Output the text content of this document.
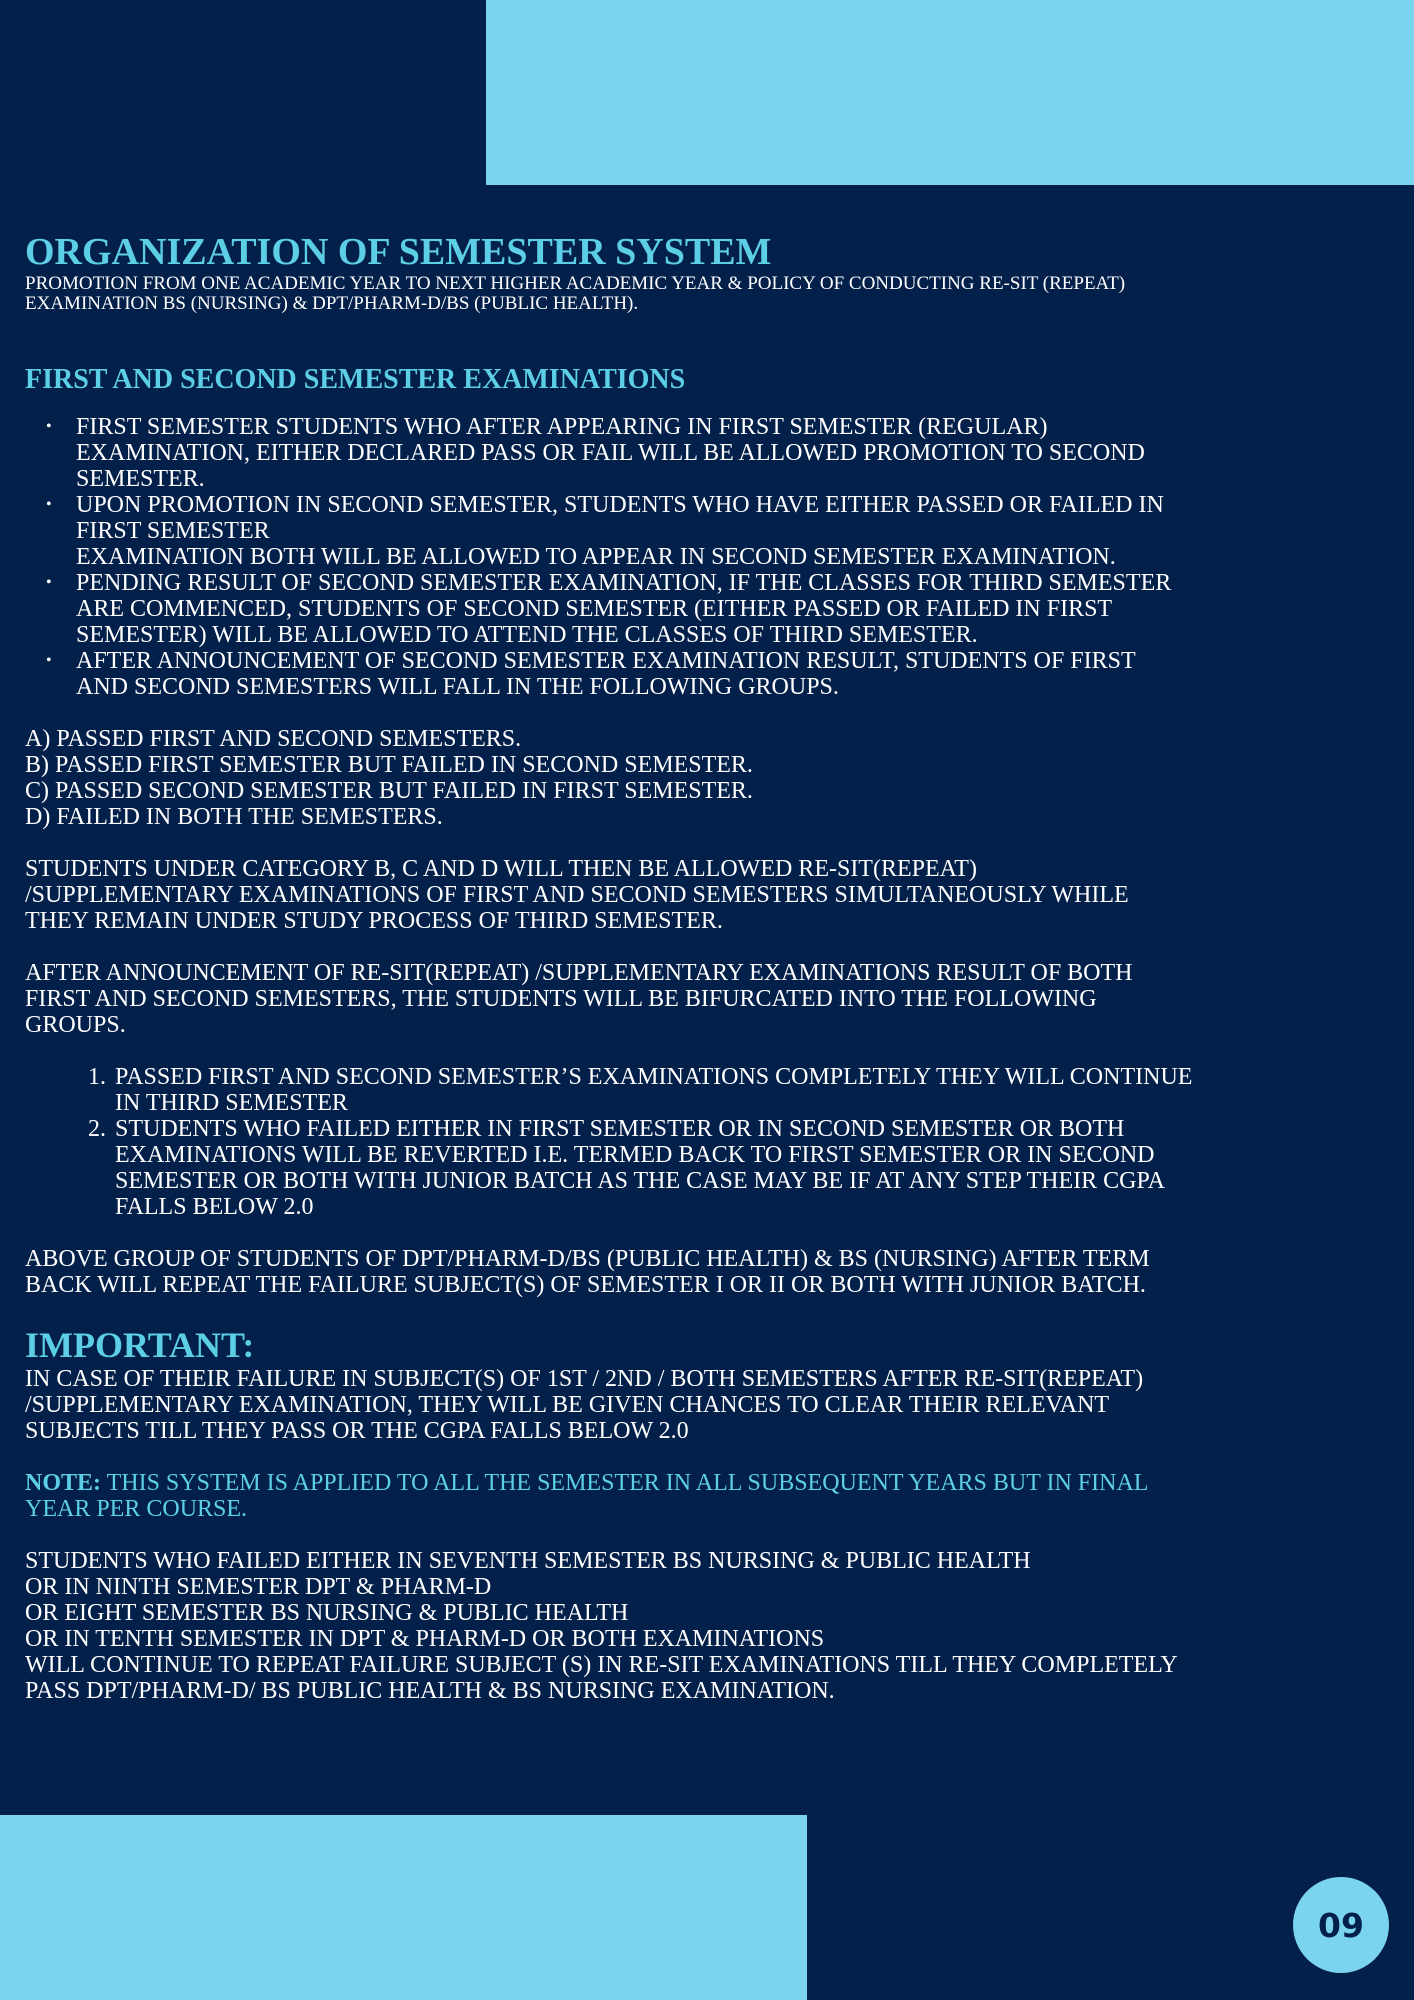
ORGANIZATION OF SEMESTER SYSTEM
PROMOTION FROM ONE ACADEMIC YEAR TO NEXT HIGHER ACADEMIC YEAR & POLICY OF CONDUCTING RE-SIT (REPEAT)
EXAMINATION BS (NURSING) & DPT/PHARM-D/BS (PUBLIC HEALTH).
FIRST AND SECOND SEMESTER EXAMINATIONS
• FIRST SEMESTER STUDENTS WHO AFTER APPEARING IN FIRST SEMESTER (REGULAR)
EXAMINATION, EITHER DECLARED PASS OR FAIL WILL BE ALLOWED PROMOTION TO SECOND
SEMESTER.
• UPON PROMOTION IN SECOND SEMESTER, STUDENTS WHO HAVE EITHER PASSED OR FAILED IN
FIRST SEMESTER
EXAMINATION BOTH WILL BE ALLOWED TO APPEAR IN SECOND SEMESTER EXAMINATION.
• PENDING RESULT OF SECOND SEMESTER EXAMINATION, IF THE CLASSES FOR THIRD SEMESTER
ARE COMMENCED, STUDENTS OF SECOND SEMESTER (EITHER PASSED OR FAILED IN FIRST
SEMESTER) WILL BE ALLOWED TO ATTEND THE CLASSES OF THIRD SEMESTER.
• AFTER ANNOUNCEMENT OF SECOND SEMESTER EXAMINATION RESULT, STUDENTS OF FIRST
AND SECOND SEMESTERS WILL FALL IN THE FOLLOWING GROUPS.
A) PASSED FIRST AND SECOND SEMESTERS.
B) PASSED FIRST SEMESTER BUT FAILED IN SECOND SEMESTER.
C) PASSED SECOND SEMESTER BUT FAILED IN FIRST SEMESTER.
D) FAILED IN BOTH THE SEMESTERS.
STUDENTS UNDER CATEGORY B, C AND D WILL THEN BE ALLOWED RE-SIT(REPEAT)
/SUPPLEMENTARY EXAMINATIONS OF FIRST AND SECOND SEMESTERS SIMULTANEOUSLY WHILE
THEY REMAIN UNDER STUDY PROCESS OF THIRD SEMESTER.
AFTER ANNOUNCEMENT OF RE-SIT(REPEAT) /SUPPLEMENTARY EXAMINATIONS RESULT OF BOTH
FIRST AND SECOND SEMESTERS, THE STUDENTS WILL BE BIFURCATED INTO THE FOLLOWING
GROUPS.
1. PASSED FIRST AND SECOND SEMESTER’S EXAMINATIONS COMPLETELY THEY WILL CONTINUE
IN THIRD SEMESTER
2. STUDENTS WHO FAILED EITHER IN FIRST SEMESTER OR IN SECOND SEMESTER OR BOTH
EXAMINATIONS WILL BE REVERTED I.E. TERMED BACK TO FIRST SEMESTER OR IN SECOND
SEMESTER OR BOTH WITH JUNIOR BATCH AS THE CASE MAY BE IF AT ANY STEP THEIR CGPA
FALLS BELOW 2.0
ABOVE GROUP OF STUDENTS OF DPT/PHARM-D/BS (PUBLIC HEALTH) & BS (NURSING) AFTER TERM
BACK WILL REPEAT THE FAILURE SUBJECT(S) OF SEMESTER I OR II OR BOTH WITH JUNIOR BATCH.
IMPORTANT:
IN CASE OF THEIR FAILURE IN SUBJECT(S) OF 1ST / 2ND / BOTH SEMESTERS AFTER RE-SIT(REPEAT)
/SUPPLEMENTARY EXAMINATION, THEY WILL BE GIVEN CHANCES TO CLEAR THEIR RELEVANT
SUBJECTS TILL THEY PASS OR THE CGPA FALLS BELOW 2.0
NOTE: THIS SYSTEM IS APPLIED TO ALL THE SEMESTER IN ALL SUBSEQUENT YEARS BUT IN FINAL
YEAR PER COURSE.
STUDENTS WHO FAILED EITHER IN SEVENTH SEMESTER BS NURSING & PUBLIC HEALTH
OR IN NINTH SEMESTER DPT & PHARM-D
OR EIGHT SEMESTER BS NURSING & PUBLIC HEALTH
OR IN TENTH SEMESTER IN DPT & PHARM-D OR BOTH EXAMINATIONS
WILL CONTINUE TO REPEAT FAILURE SUBJECT (S) IN RE-SIT EXAMINATIONS TILL THEY COMPLETELY
PASS DPT/PHARM-D/ BS PUBLIC HEALTH & BS NURSING EXAMINATION.
09
